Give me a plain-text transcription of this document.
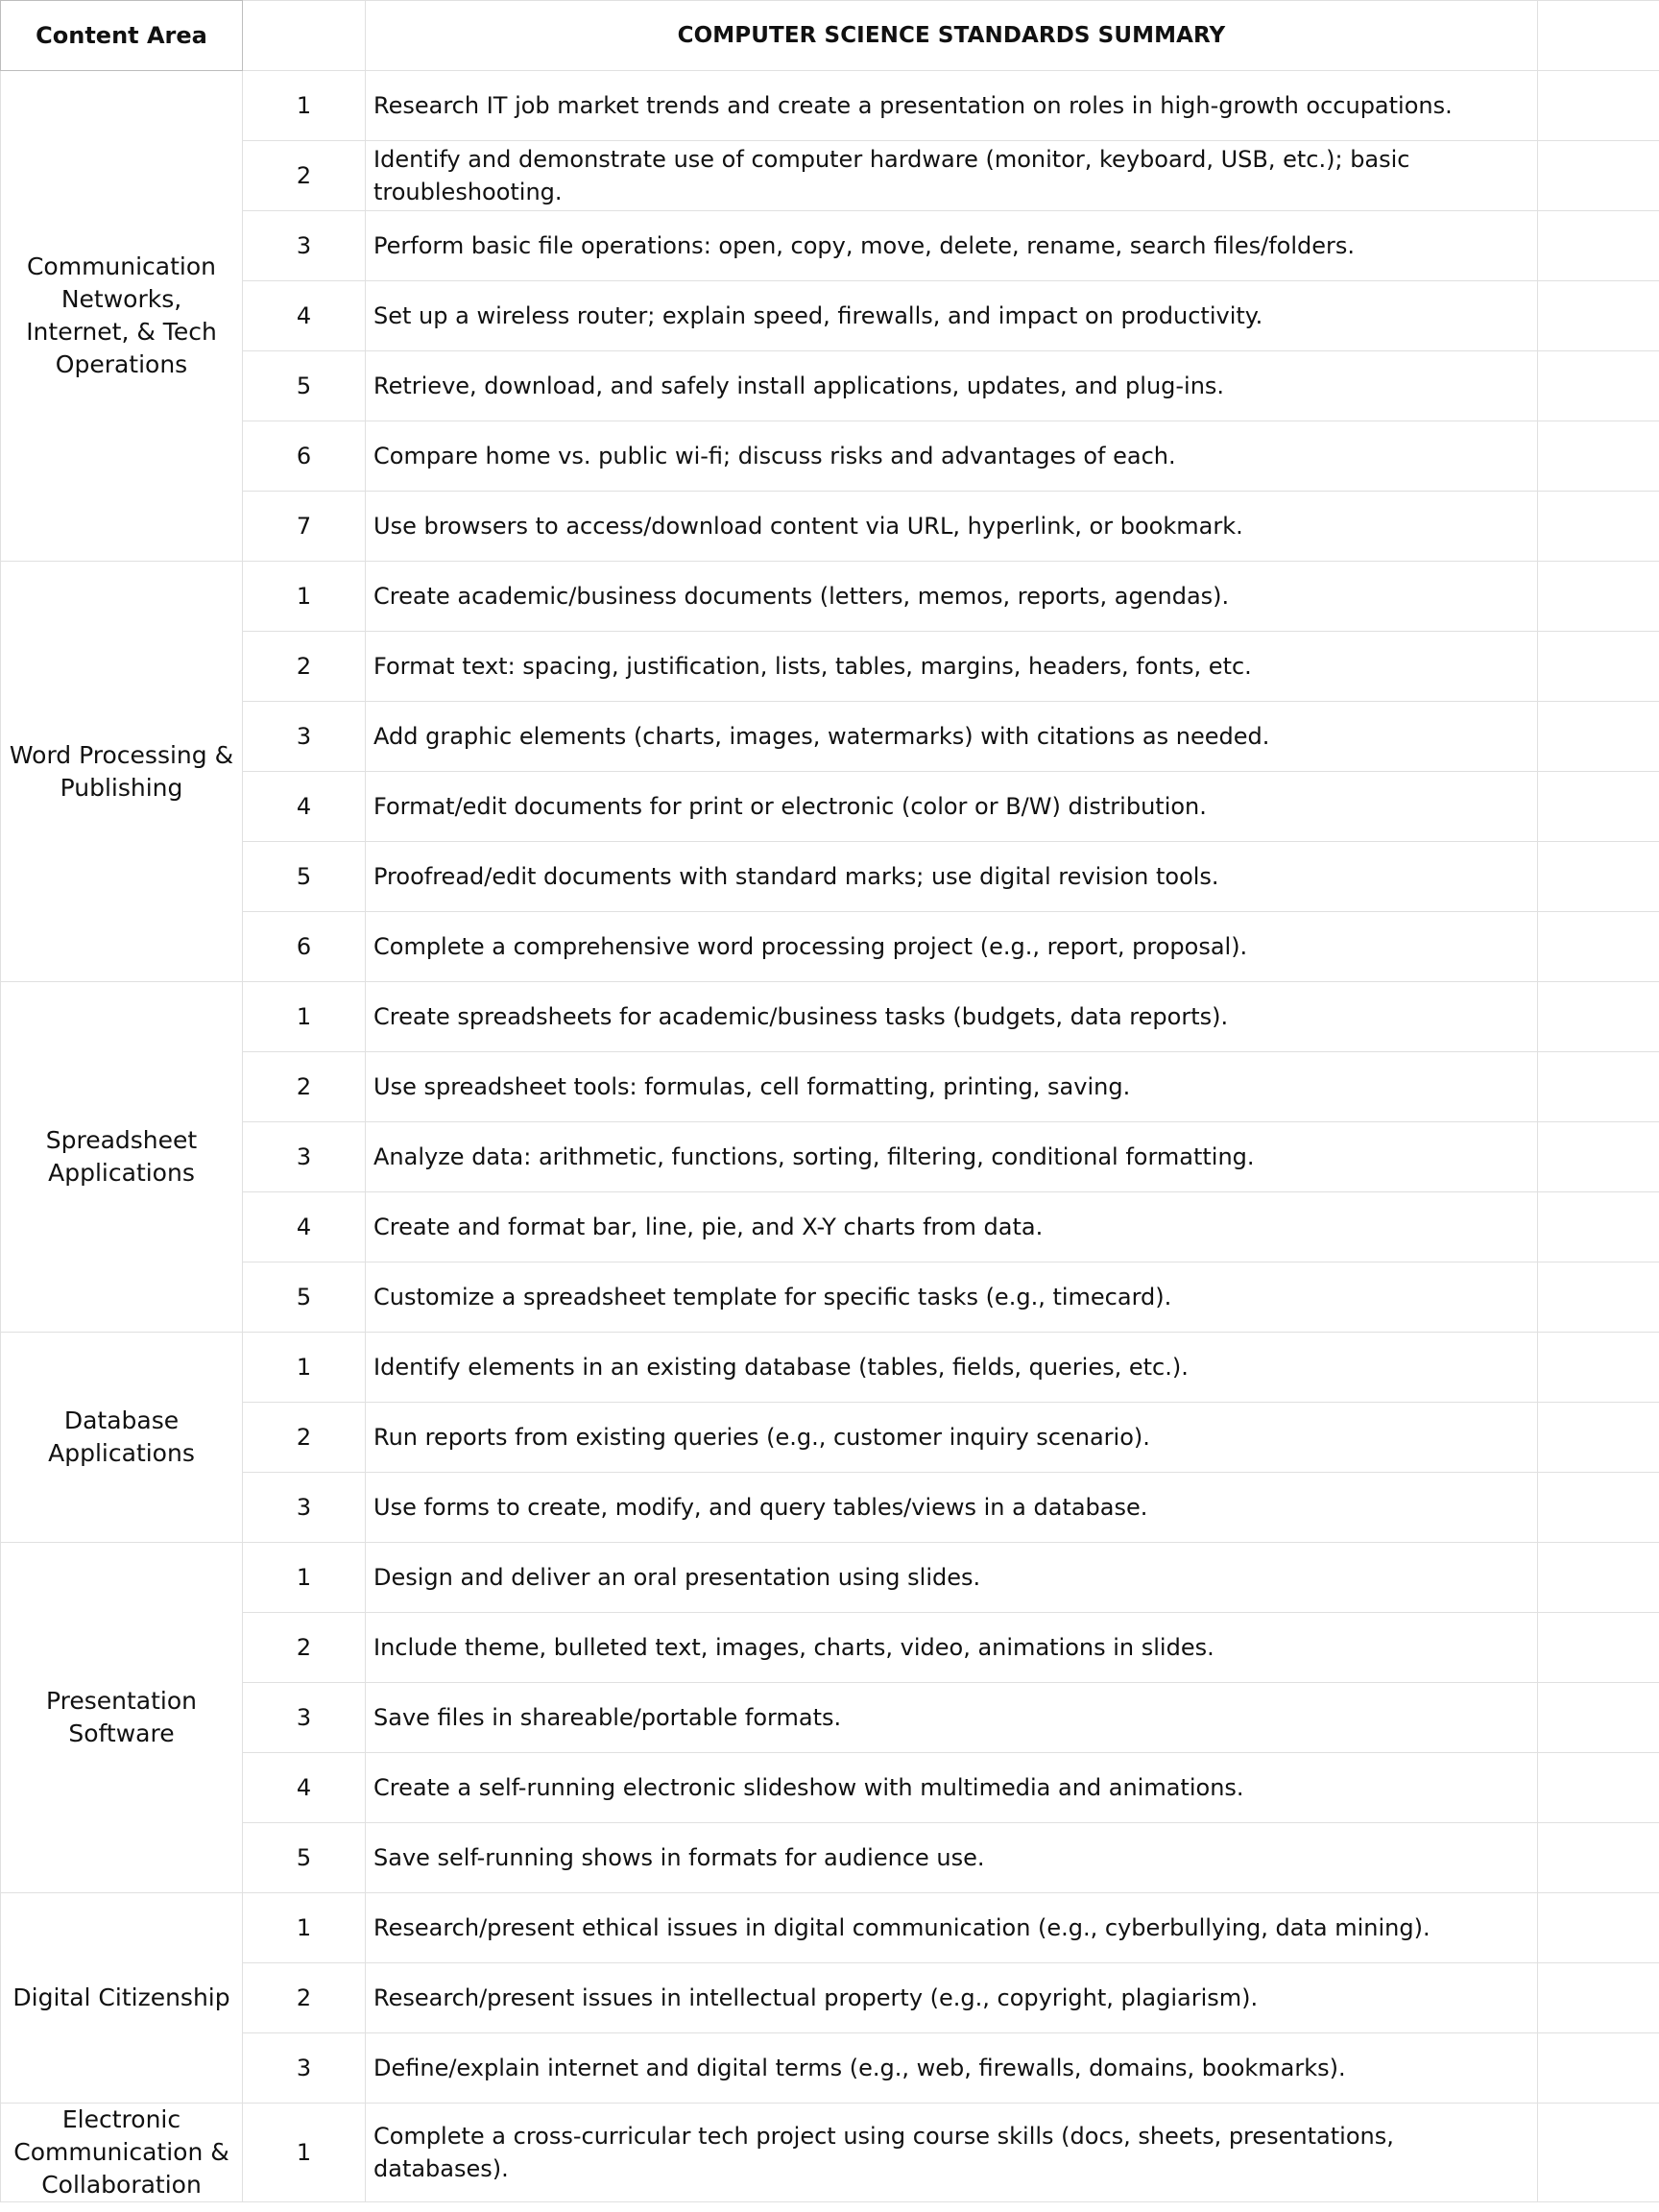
Content Area		COMPUTER SCIENCE STANDARDS SUMMARY	
Communication Networks, Internet, & Tech Operations	1	Research IT job market trends and create a presentation on roles in high-growth occupations.	
	2	Identify and demonstrate use of computer hardware (monitor, keyboard, USB, etc.); basic troubleshooting.	
	3	Perform basic file operations: open, copy, move, delete, rename, search files/folders.	
	4	Set up a wireless router; explain speed, firewalls, and impact on productivity.	
	5	Retrieve, download, and safely install applications, updates, and plug-ins.	
	6	Compare home vs. public wi-fi; discuss risks and advantages of each.	
	7	Use browsers to access/download content via URL, hyperlink, or bookmark.	
Word Processing & Publishing	1	Create academic/business documents (letters, memos, reports, agendas).	
	2	Format text: spacing, justification, lists, tables, margins, headers, fonts, etc.	
	3	Add graphic elements (charts, images, watermarks) with citations as needed.	
	4	Format/edit documents for print or electronic (color or B/W) distribution.	
	5	Proofread/edit documents with standard marks; use digital revision tools.	
	6	Complete a comprehensive word processing project (e.g., report, proposal).	
Spreadsheet Applications	1	Create spreadsheets for academic/business tasks (budgets, data reports).	
	2	Use spreadsheet tools: formulas, cell formatting, printing, saving.	
	3	Analyze data: arithmetic, functions, sorting, filtering, conditional formatting.	
	4	Create and format bar, line, pie, and X-Y charts from data.	
	5	Customize a spreadsheet template for specific tasks (e.g., timecard).	
Database Applications	1	Identify elements in an existing database (tables, fields, queries, etc.).	
	2	Run reports from existing queries (e.g., customer inquiry scenario).	
	3	Use forms to create, modify, and query tables/views in a database.	
Presentation Software	1	Design and deliver an oral presentation using slides.	
	2	Include theme, bulleted text, images, charts, video, animations in slides.	
	3	Save files in shareable/portable formats.	
	4	Create a self-running electronic slideshow with multimedia and animations.	
	5	Save self-running shows in formats for audience use.	
Digital Citizenship	1	Research/present ethical issues in digital communication (e.g., cyberbullying, data mining).	
	2	Research/present issues in intellectual property (e.g., copyright, plagiarism).	
	3	Define/explain internet and digital terms (e.g., web, firewalls, domains, bookmarks).	
Electronic Communication & Collaboration	1	Complete a cross-curricular tech project using course skills (docs, sheets, presentations, databases).	
